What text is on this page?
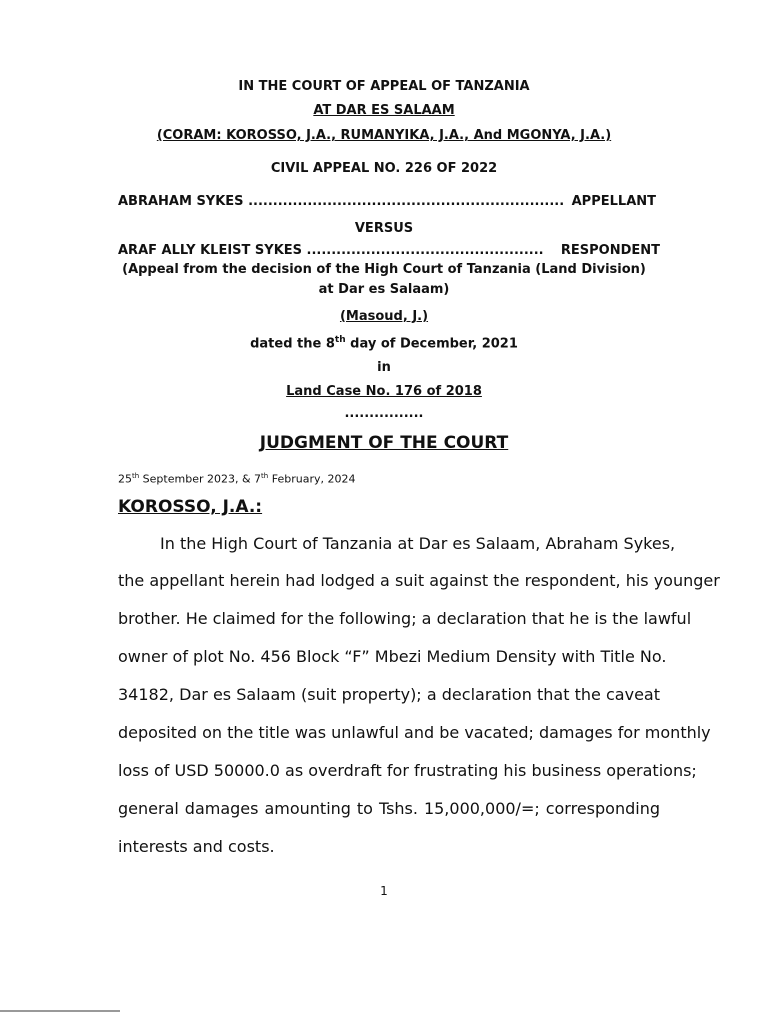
IN THE COURT OF APPEAL OF TANZANIA
AT DAR ES SALAAM
(CORAM: KOROSSO, J.A., RUMANYIKA, J.A., And MGONYA, J.A.)
CIVIL APPEAL NO. 226 OF 2022
ABRAHAM SYKES ................................................................ APPELLANT
VERSUS
ARAF ALLY KLEIST SYKES ................................................ RESPONDENT
(Appeal from the decision of the High Court of Tanzania (Land Division)
at Dar es Salaam)
(Masoud, J.)
dated the 8th day of December, 2021
in
Land Case No. 176 of 2018
................
JUDGMENT OF THE COURT
25th September 2023, & 7th February, 2024
KOROSSO, J.A.:
In the High Court of Tanzania at Dar es Salaam, Abraham Sykes,
the appellant herein had lodged a suit against the respondent, his younger
brother. He claimed for the following; a declaration that he is the lawful
owner of plot No. 456 Block “F” Mbezi Medium Density with Title No.
34182, Dar es Salaam (suit property); a declaration that the caveat
deposited on the title was unlawful and be vacated; damages for monthly
loss of USD 50000.0 as overdraft for frustrating his business operations;
general damages amounting to Tshs. 15,000,000/=; corresponding
interests and costs.
1
